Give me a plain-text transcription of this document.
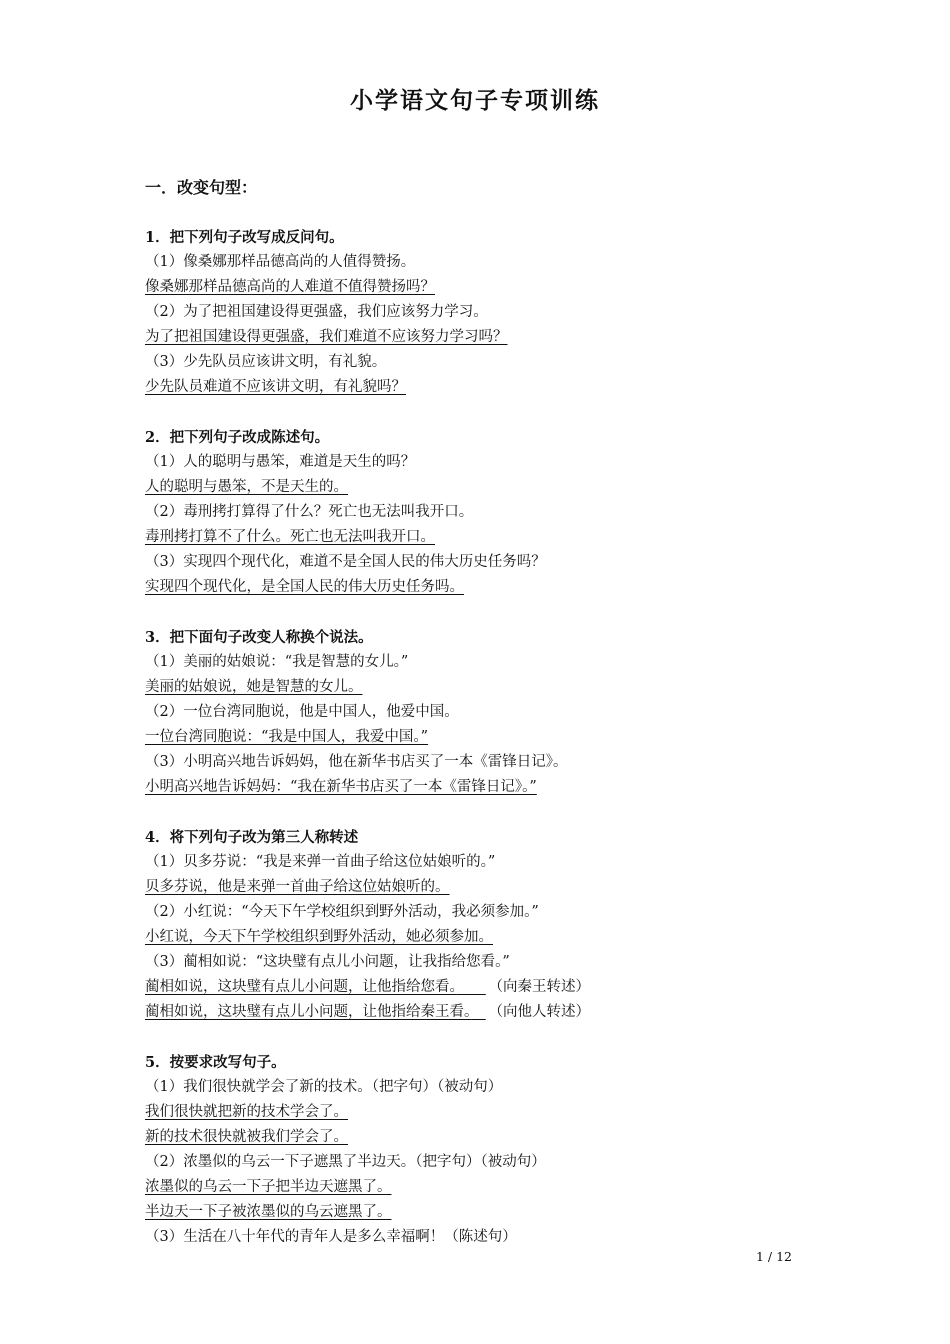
小学语文句子专项训练
一．改变句型：
1．把下列句子改写成反问句。
（1）像桑娜那样品德高尚的人值得赞扬。
像桑娜那样品德高尚的人难道不值得赞扬吗？
（2）为了把祖国建设得更强盛，我们应该努力学习。
为了把祖国建设得更强盛，我们难道不应该努力学习吗？
（3）少先队员应该讲文明，有礼貌。
少先队员难道不应该讲文明，有礼貌吗？
2．把下列句子改成陈述句。
（1）人的聪明与愚笨，难道是天生的吗？
人的聪明与愚笨，不是天生的。
（2）毒刑拷打算得了什么？死亡也无法叫我开口。
毒刑拷打算不了什么。死亡也无法叫我开口。
（3）实现四个现代化，难道不是全国人民的伟大历史任务吗？
实现四个现代化，是全国人民的伟大历史任务吗。
3．把下面句子改变人称换个说法。
（1）美丽的姑娘说：“我是智慧的女儿。”
美丽的姑娘说，她是智慧的女儿。
（2）一位台湾同胞说，他是中国人，他爱中国。
一位台湾同胞说：“我是中国人，我爱中国。”
（3）小明高兴地告诉妈妈，他在新华书店买了一本《雷锋日记》。
小明高兴地告诉妈妈：“我在新华书店买了一本《雷锋日记》。”
4．将下列句子改为第三人称转述
（1）贝多芬说：“我是来弹一首曲子给这位姑娘听的。”
贝多芬说，他是来弹一首曲子给这位姑娘听的。
（2）小红说：“今天下午学校组织到野外活动，我必须参加。”
小红说，今天下午学校组织到野外活动，她必须参加。
（3）蔺相如说：“这块璧有点儿小问题，让我指给您看。”
蔺相如说，这块璧有点儿小问题，让他指给您看。　　	（向秦王转述）
蔺相如说，这块璧有点儿小问题，让他指给秦王看。　 （向他人转述）
5．按要求改写句子。
（1）我们很快就学会了新的技术。（把字句）（被动句）
我们很快就把新的技术学会了。
新的技术很快就被我们学会了。
（2）浓墨似的乌云一下子遮黑了半边天。（把字句）（被动句）
浓墨似的乌云一下子把半边天遮黑了。
半边天一下子被浓墨似的乌云遮黑了。
（3）生活在八十年代的青年人是多么幸福啊！（陈述句）
1 / 12
